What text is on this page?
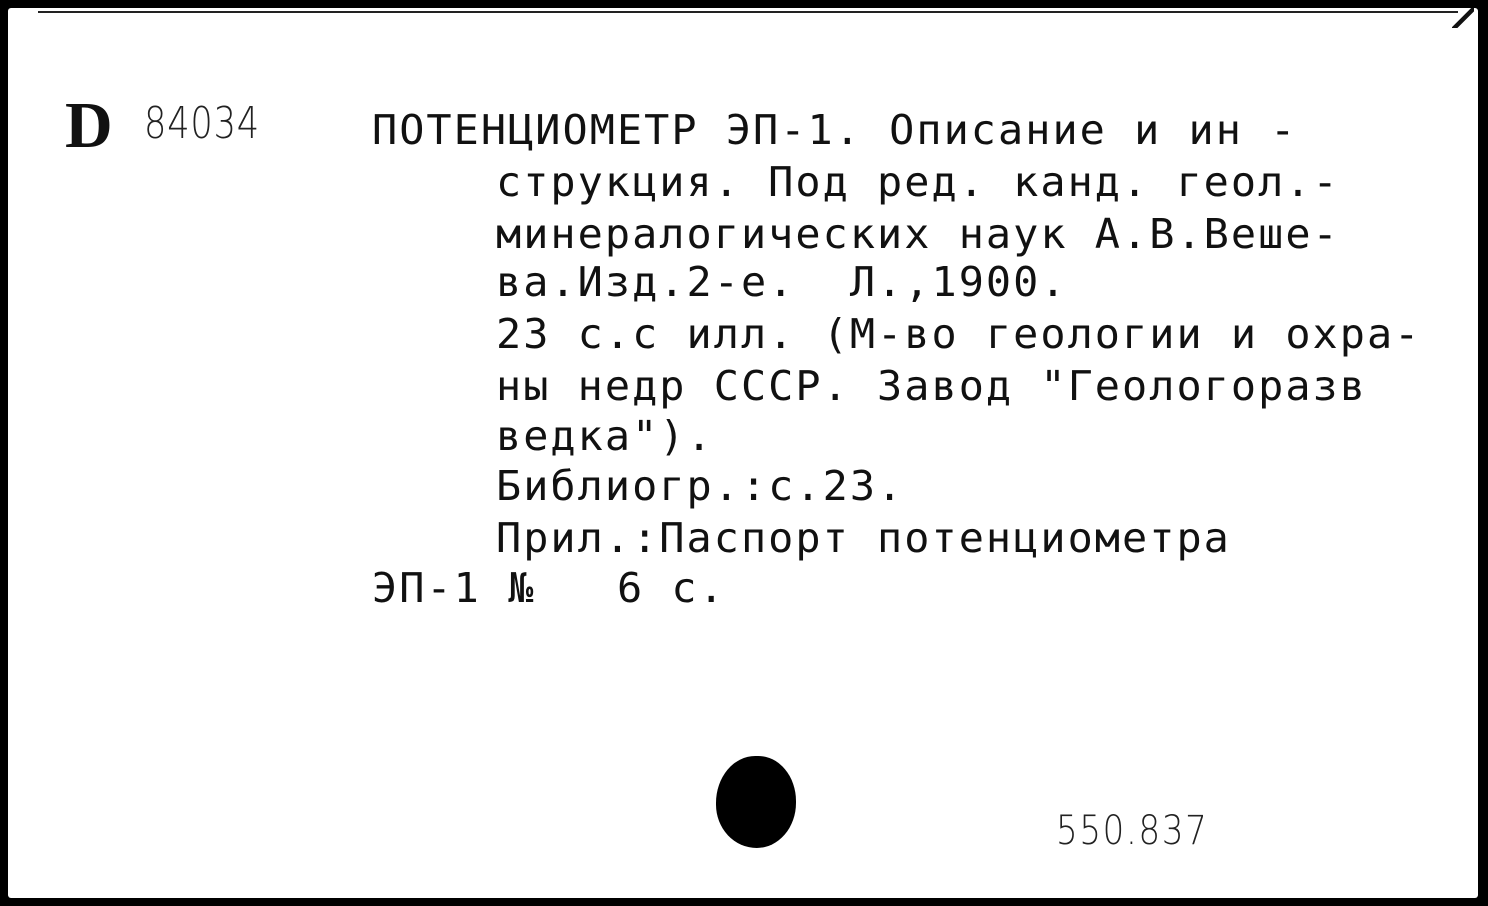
D 84034	ПОТЕНЦИОМЕТР ЭП-1. Описание и ин -
струкция. Под ред. канд. геол.-
минералогических наук А.В.Веше-
ва.Изд.2-е.  Л.,1900.
23 с.с илл. (М-во геологии и охра-
ны недр СССР. Завод "Геологоразв
ведка").
Библиогр.:с.23.
Прил.:Паспорт потенциометра
ЭП-1 №   6 с.
550.837
